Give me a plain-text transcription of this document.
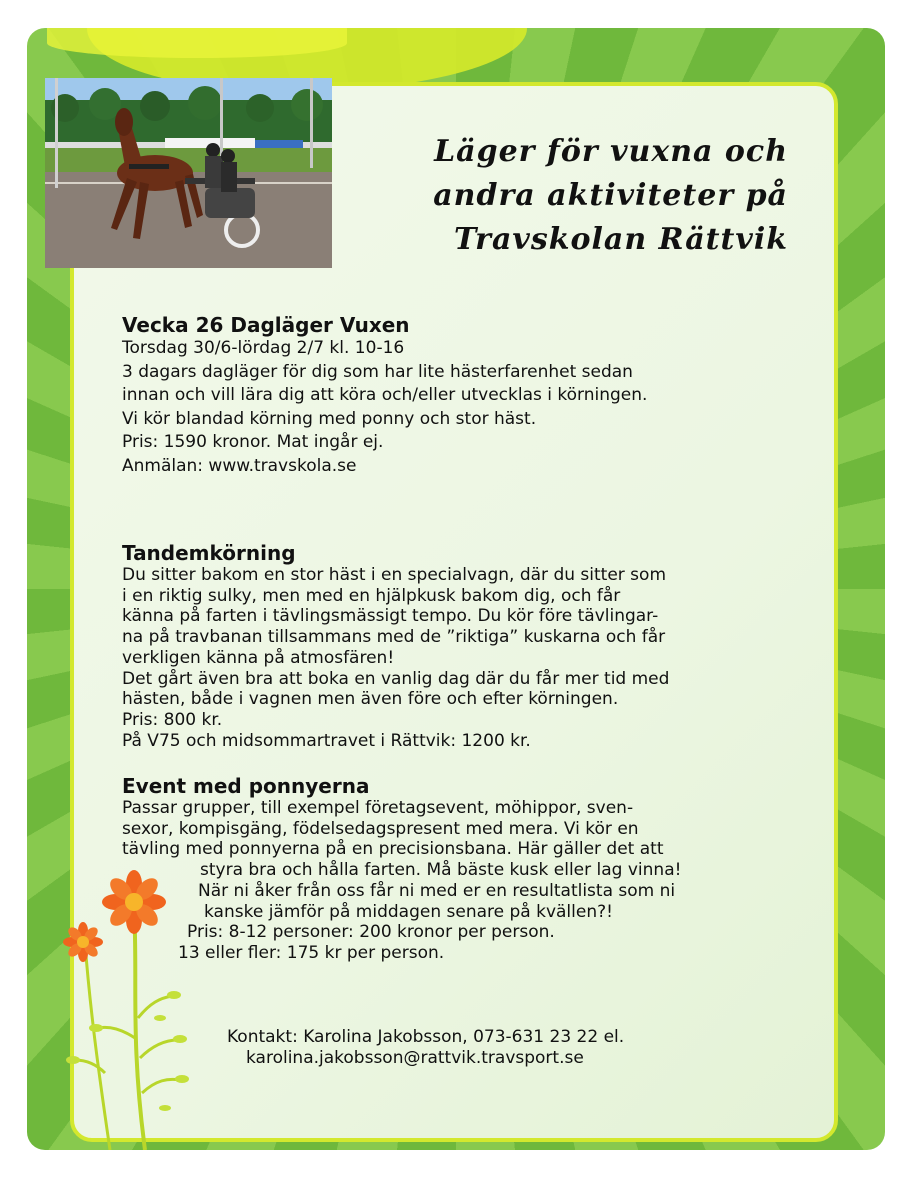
Läger för vuxna och
andra aktiviteter på
Travskolan Rättvik
Vecka 26 Dagläger Vuxen
Torsdag 30/6-lördag 2/7 kl. 10-16
3 dagars dagläger för dig som har lite hästerfarenhet sedan
innan och vill lära dig att köra och/eller utvecklas i körningen.
Vi kör blandad körning med ponny och stor häst.
Pris: 1590 kronor. Mat ingår ej.
Anmälan: www.travskola.se
Tandemkörning
Du sitter bakom en stor häst i en specialvagn, där du sitter som
i en riktig sulky, men med en hjälpkusk bakom dig, och får
känna på farten i tävlingsmässigt tempo. Du kör före tävlingar-
na på travbanan tillsammans med de ”riktiga” kuskarna och får
verkligen känna på atmosfären!
Det gårt även bra att boka en vanlig dag där du får mer tid med
hästen, både i vagnen men även före och efter körningen.
Pris: 800 kr.
På V75 och midsommartravet i Rättvik: 1200 kr.
Event med ponnyerna
Passar grupper, till exempel företagsevent, möhippor, sven-
sexor, kompisgäng, födelsedagspresent med mera. Vi kör en
tävling med ponnyerna på en precisionsbana. Här gäller det att
styra bra och hålla farten. Må bäste kusk eller lag vinna!
När ni åker från oss får ni med er en resultatlista som ni
kanske jämför på middagen senare på kvällen?!
Pris: 8-12 personer: 200 kronor per person.
13 eller fler: 175 kr per person.
Kontakt: Karolina Jakobsson, 073-631 23 22 el.
karolina.jakobsson@rattvik.travsport.se
